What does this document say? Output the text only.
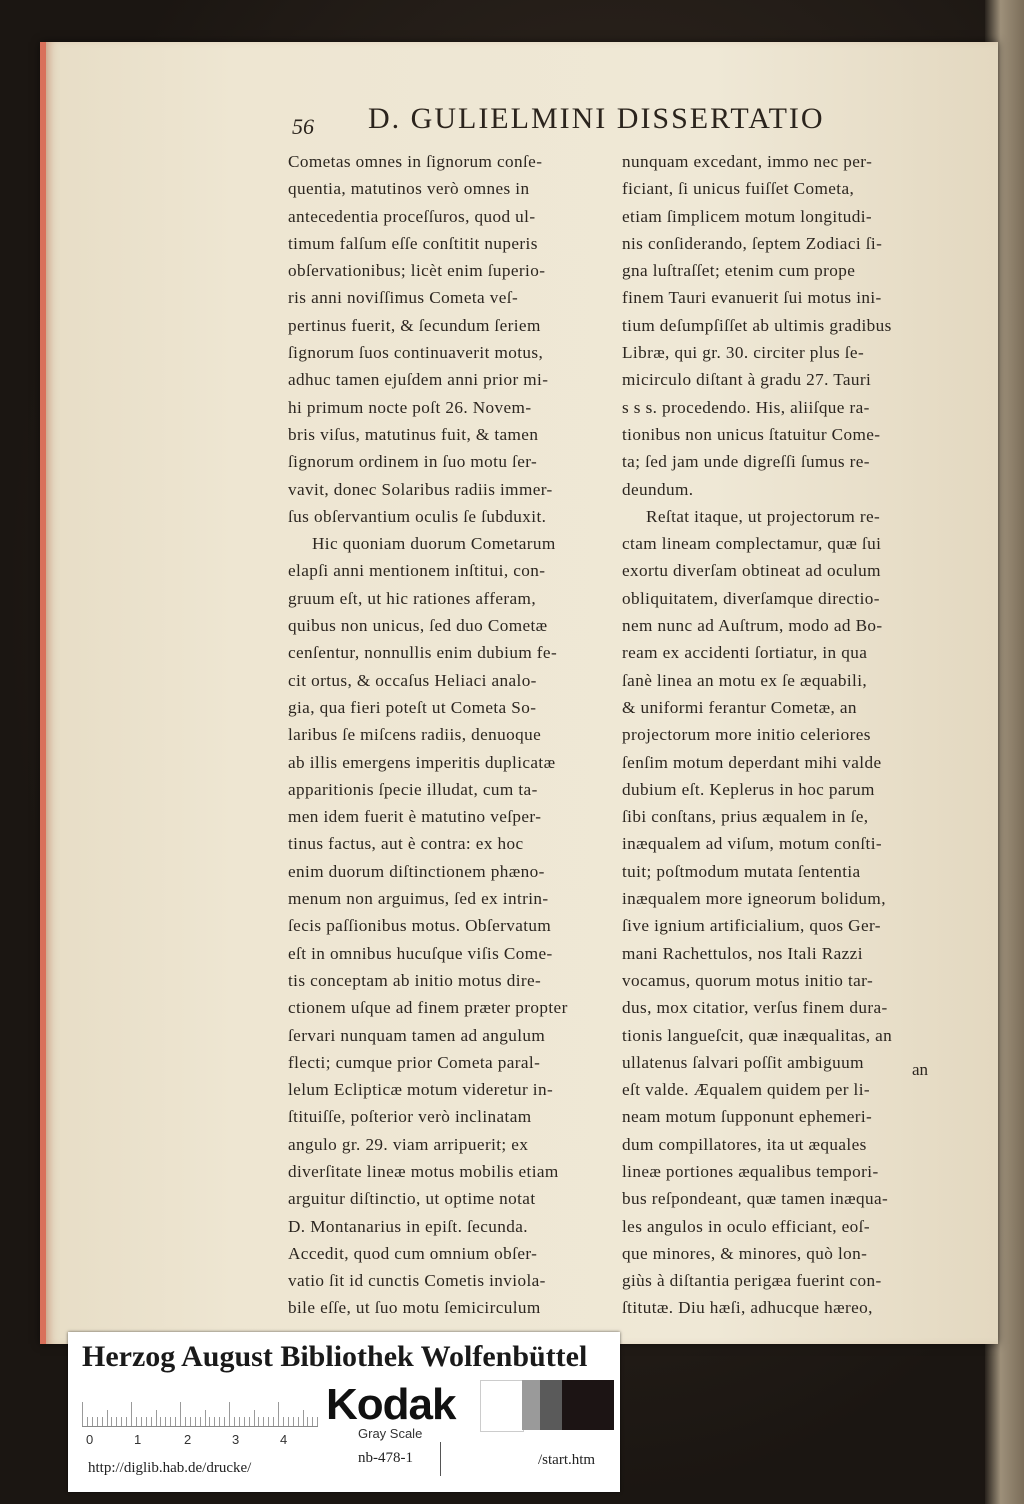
56 D. GULIELMINI DISSERTATIO
Cometas omnes in ſignorum conſe-
quentia, matutinos verò omnes in
antecedentia proceſſuros, quod ul-
timum falſum eſſe conſtitit nuperis
obſervationibus; licèt enim ſuperio-
ris anni noviſſimus Cometa veſ-
pertinus fuerit, & ſecundum ſeriem
ſignorum ſuos continuaverit motus,
adhuc tamen ejuſdem anni prior mi-
hi primum nocte poſt 26. Novem-
bris viſus, matutinus fuit, & tamen
ſignorum ordinem in ſuo motu ſer-
vavit, donec Solaribus radiis immer-
ſus obſervantium oculis ſe ſubduxit.
Hic quoniam duorum Cometarum
elapſi anni mentionem inſtitui, con-
gruum eſt, ut hic rationes afferam,
quibus non unicus, ſed duo Cometæ
cenſentur, nonnullis enim dubium fe-
cit ortus, & occaſus Heliaci analo-
gia, qua fieri poteſt ut Cometa So-
laribus ſe miſcens radiis, denuoque
ab illis emergens imperitis duplicatæ
apparitionis ſpecie illudat, cum ta-
men idem fuerit è matutino veſper-
tinus factus, aut è contra: ex hoc
enim duorum diſtinctionem phæno-
menum non arguimus, ſed ex intrin-
ſecis paſſionibus motus. Obſervatum
eſt in omnibus hucuſque viſis Come-
tis conceptam ab initio motus dire-
ctionem uſque ad finem præter propter
ſervari nunquam tamen ad angulum
flecti; cumque prior Cometa paral-
lelum Eclipticæ motum videretur in-
ſtituiſſe, poſterior verò inclinatam
angulo gr. 29. viam arripuerit; ex
diverſitate lineæ motus mobilis etiam
arguitur diſtinctio, ut optime notat
D. Montanarius in epiſt. ſecunda.
Accedit, quod cum omnium obſer-
vatio ſit id cunctis Cometis inviola-
bile eſſe, ut ſuo motu ſemicirculum
nunquam excedant, immo nec per-
ficiant, ſi unicus fuiſſet Cometa,
etiam ſimplicem motum longitudi-
nis conſiderando, ſeptem Zodiaci ſi-
gna luſtraſſet; etenim cum prope
finem Tauri evanuerit ſui motus ini-
tium deſumpſiſſet ab ultimis gradibus
Libræ, qui gr. 30. circiter plus ſe-
micirculo diſtant à gradu 27. Tauri
s s s. procedendo. His, aliiſque ra-
tionibus non unicus ſtatuitur Come-
ta; ſed jam unde digreſſi ſumus re-
deundum.
Reſtat itaque, ut projectorum re-
ctam lineam complectamur, quæ ſui
exortu diverſam obtineat ad oculum
obliquitatem, diverſamque directio-
nem nunc ad Auſtrum, modo ad Bo-
ream ex accidenti ſortiatur, in qua
ſanè linea an motu ex ſe æquabili,
& uniformi ferantur Cometæ, an
projectorum more initio celeriores
ſenſim motum deperdant mihi valde
dubium eſt. Keplerus in hoc parum
ſibi conſtans, prius æqualem in ſe,
inæqualem ad viſum, motum conſti-
tuit; poſtmodum mutata ſententia
inæqualem more igneorum bolidum,
ſive ignium artificialium, quos Ger-
mani Rachettulos, nos Itali Razzi
vocamus, quorum motus initio tar-
dus, mox citatior, verſus finem dura-
tionis langueſcit, quæ inæqualitas, an
ullatenus ſalvari poſſit ambiguum
eſt valde. Æqualem quidem per li-
neam motum ſupponunt ephemeri-
dum compillatores, ita ut æquales
lineæ portiones æqualibus tempori-
bus reſpondeant, quæ tamen inæqua-
les angulos in oculo efficiant, eoſ-
que minores, & minores, quò lon-
giùs à diſtantia perigæa fuerint con-
ſtitutæ. Diu hæſi, adhucque hæreo,
an
Herzog August Bibliothek Wolfenbüttel
0	1	2	3	4
Kodak
Gray Scale
http://diglib.hab.de/drucke/
nb-478-1	/start.htm
